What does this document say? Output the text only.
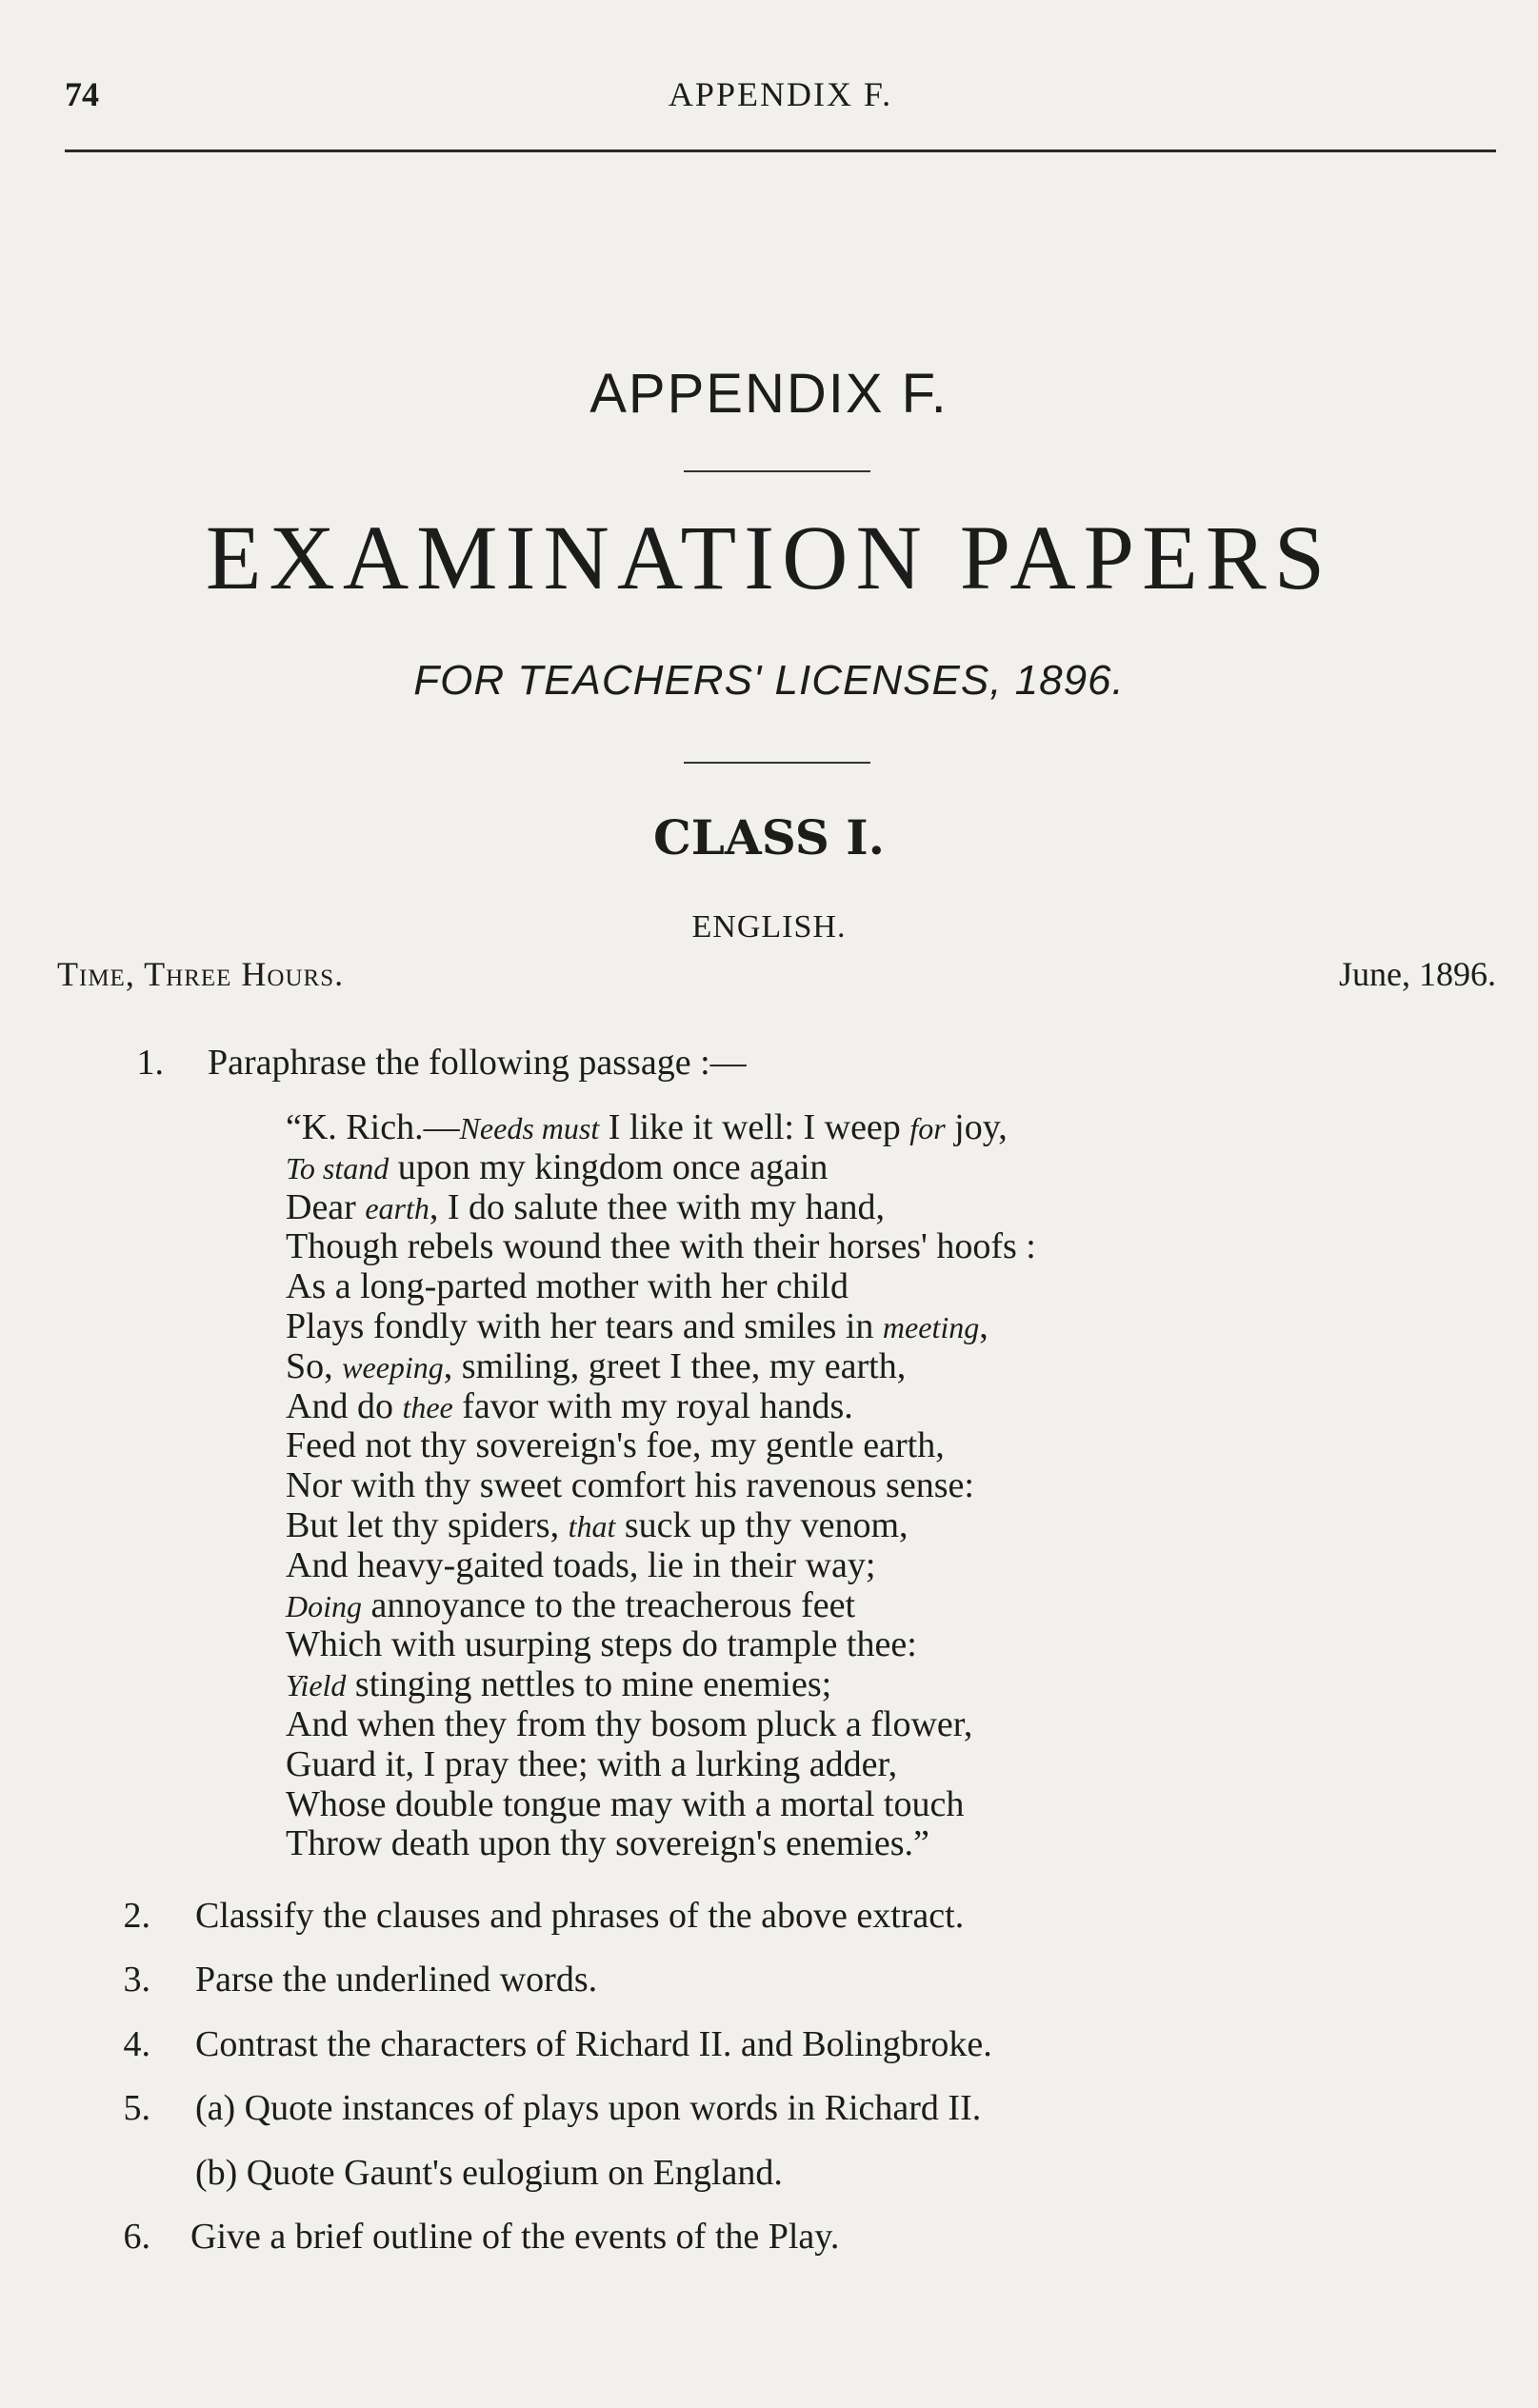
74	APPENDIX F.
APPENDIX F.
EXAMINATION PAPERS
FOR TEACHERS' LICENSES, 1896.
CLASS I.
ENGLISH.
Time, Three Hours.	June, 1896.
1. Paraphrase the following passage :—
“K. Rich.—Needs must I like it well: I weep for joy,
To stand upon my kingdom once again
Dear earth, I do salute thee with my hand,
Though rebels wound thee with their horses' hoofs :
As a long-parted mother with her child
Plays fondly with her tears and smiles in meeting,
So, weeping, smiling, greet I thee, my earth,
And do thee favor with my royal hands.
Feed not thy sovereign's foe, my gentle earth,
Nor with thy sweet comfort his ravenous sense:
But let thy spiders, that suck up thy venom,
And heavy-gaited toads, lie in their way;
Doing annoyance to the treacherous feet
Which with usurping steps do trample thee:
Yield stinging nettles to mine enemies;
And when they from thy bosom pluck a flower,
Guard it, I pray thee; with a lurking adder,
Whose double tongue may with a mortal touch
Throw death upon thy sovereign's enemies.”
2. Classify the clauses and phrases of the above extract.
3. Parse the underlined words.
4. Contrast the characters of Richard II. and Bolingbroke.
5. (a) Quote instances of plays upon words in Richard II.
(b) Quote Gaunt's eulogium on England.
6. Give a brief outline of the events of the Play.
